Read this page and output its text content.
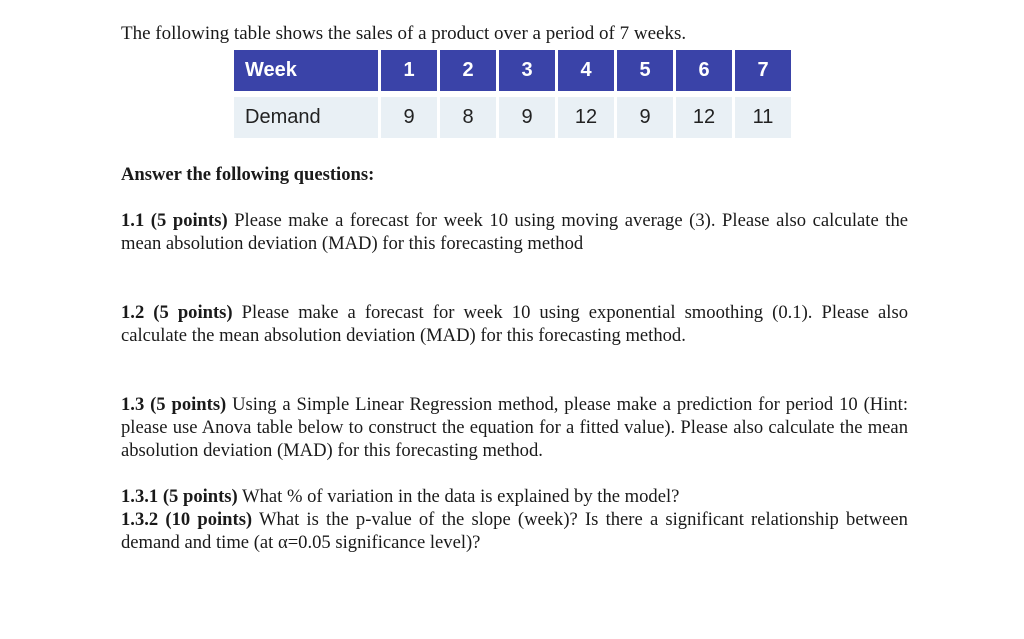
The following table shows the sales of a product over a period of 7 weeks.

Week	1	2	3	4	5	6	7

Demand	9	8	9	12	9	12	11

Answer the following questions:

1.1 (5 points) Please make a forecast for week 10 using moving average (3). Please also calculate the mean absolution deviation (MAD) for this forecasting method

1.2 (5 points) Please make a forecast for week 10 using exponential smoothing (0.1). Please also calculate the mean absolution deviation (MAD) for this forecasting method.

1.3 (5 points) Using a Simple Linear Regression method, please make a prediction for period 10 (Hint: please use Anova table below to construct the equation for a fitted value). Please also calculate the mean absolution deviation (MAD) for this forecasting method.

1.3.1 (5 points) What % of variation in the data is explained by the model?
1.3.2 (10 points) What is the p-value of the slope (week)? Is there a significant relationship between demand and time (at α=0.05 significance level)?
